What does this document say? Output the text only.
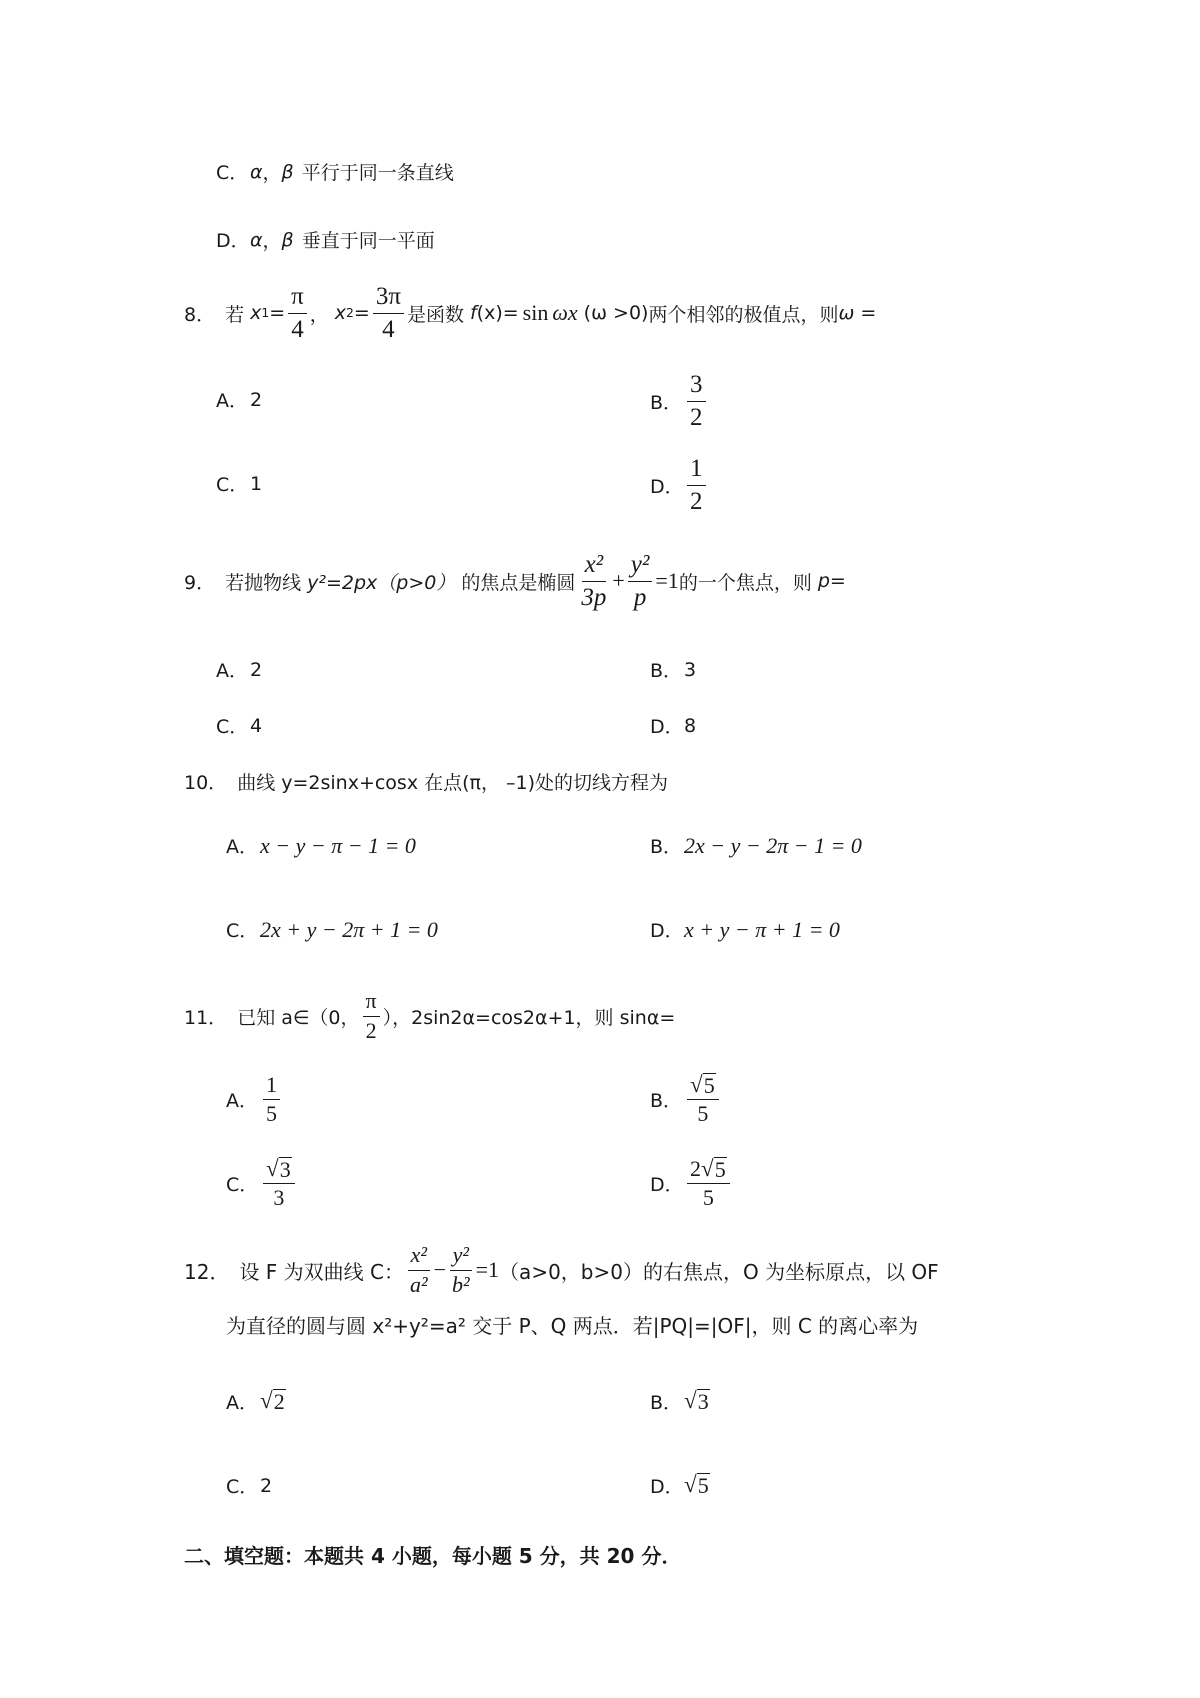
C． α ， β 平行于同一条直线
D． α ， β 垂直于同一平面
8． 若 x $1 = \frac{\pi}{4}$ ， x $2 = \frac{3\pi}{4}$ 是函数 f (x) = sin ωx (ω >0) 两个相邻的极值点，则 ω =
A． 2	B． $\frac{3}{2}$
C． 1	D． $\frac{1}{2}$
9． 若抛物线 y²=2px（p>0） 的焦点是椭圆 $\frac{\text{x²}}{3p} + \frac{\text{y²}}{p} =1$ 的一个焦点，则 p=
A． 2	B． 3
C． 4	D． 8
10． 曲线 y=2sinx+cosx 在点(π， –1)处的切线方程为
A． x − y − π − 1 = 0	B． 2x − y − 2π − 1 = 0
C． 2x + y − 2π + 1 = 0	D． x + y − π + 1 = 0
11． 已知 a∈（0， $\frac{\pi}{2}$ ），2sin2α=cos2α+1，则 sinα=
A． $\frac{1}{5}$	B． $\frac{√ 5}{5}$
C． $\frac{√ 3}{3}$	D． $\frac{2 √ 5}{5}$
12． 设 F 为双曲线 C： $\frac{\text{x²}}{\text{a²}} - \frac{\text{y²}}{\text{b²}} =1$ （a>0，b>0）的右焦点，O 为坐标原点，以 OF
为直径的圆与圆 x²+y²=a² 交于 P、Q 两点．若|PQ|=|OF|，则 C 的离心率为
A． √ 2	B． √ 3
C． 2	D． √ 5
二、填空题：本题共 4 小题，每小题 5 分，共 20 分．
